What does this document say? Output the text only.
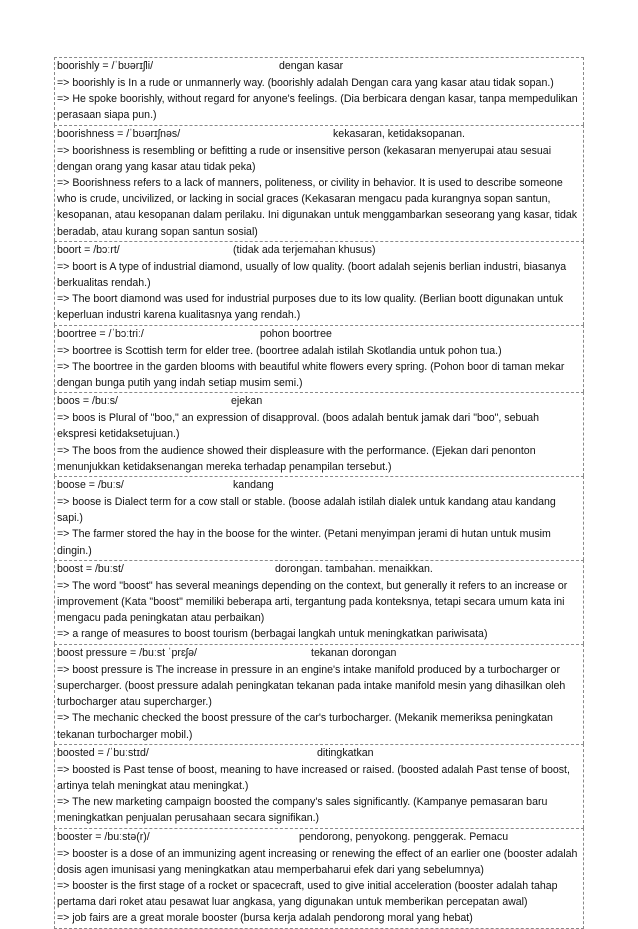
boorishly = /ˈbʊərɪʃli/	dengan kasar

=> boorishly is In a rude or unmannerly way. (boorishly adalah Dengan cara yang kasar atau tidak sopan.)

=> He spoke boorishly, without regard for anyone's feelings. (Dia berbicara dengan kasar, tanpa mempedulikan perasaan siapa pun.)

boorishness = /ˈbʊərɪʃnəs/	kekasaran, ketidaksopanan.

=> boorishness is resembling or befitting a rude or insensitive person (kekasaran menyerupai atau sesuai dengan orang yang kasar atau tidak peka)

=> Boorishness refers to a lack of manners, politeness, or civility in behavior. It is used to describe someone who is crude, uncivilized, or lacking in social graces (Kekasaran mengacu pada kurangnya sopan santun, kesopanan, atau kesopanan dalam perilaku. Ini digunakan untuk menggambarkan seseorang yang kasar, tidak beradab, atau kurang sopan santun sosial)

boort = /bɔːrt/	(tidak ada terjemahan khusus)

=> boort is A type of industrial diamond, usually of low quality. (boort adalah sejenis berlian industri, biasanya berkualitas rendah.)

=> The boort diamond was used for industrial purposes due to its low quality. (Berlian boott digunakan untuk keperluan industri karena kualitasnya yang rendah.)

boortree = /ˈbɔːtriː/	pohon boortree

=> boortree is Scottish term for elder tree. (boortree adalah istilah Skotlandia untuk pohon tua.)

=> The boortree in the garden blooms with beautiful white flowers every spring. (Pohon boor di taman mekar dengan bunga putih yang indah setiap musim semi.)

boos = /buːs/	ejekan

=> boos is Plural of "boo," an expression of disapproval. (boos adalah bentuk jamak dari "boo", sebuah ekspresi ketidaksetujuan.)

=> The boos from the audience showed their displeasure with the performance. (Ejekan dari penonton menunjukkan ketidaksenangan mereka terhadap penampilan tersebut.)

boose = /buːs/	kandang

=> boose is Dialect term for a cow stall or stable. (boose adalah istilah dialek untuk kandang atau kandang sapi.)

=> The farmer stored the hay in the boose for the winter. (Petani menyimpan jerami di hutan untuk musim dingin.)

boost = /buːst/	dorongan. tambahan. menaikkan.

=> The word "boost" has several meanings depending on the context, but generally it refers to an increase or improvement (Kata "boost" memiliki beberapa arti, tergantung pada konteksnya, tetapi secara umum kata ini mengacu pada peningkatan atau perbaikan)

=> a range of measures to boost tourism (berbagai langkah untuk meningkatkan pariwisata)

boost pressure = /buːst ˈprɛʃə/	tekanan dorongan

=> boost pressure is The increase in pressure in an engine's intake manifold produced by a turbocharger or supercharger. (boost pressure adalah peningkatan tekanan pada intake manifold mesin yang dihasilkan oleh turbocharger atau supercharger.)

=> The mechanic checked the boost pressure of the car's turbocharger. (Mekanik memeriksa peningkatan tekanan turbocharger mobil.)

boosted = /ˈbuːstɪd/	ditingkatkan

=> boosted is Past tense of boost, meaning to have increased or raised. (boosted adalah Past tense of boost, artinya telah meningkat atau meningkat.)

=> The new marketing campaign boosted the company's sales significantly. (Kampanye pemasaran baru meningkatkan penjualan perusahaan secara signifikan.)

booster = /buːstə(r)/	pendorong, penyokong. penggerak. Pemacu

=> booster is a dose of an immunizing agent increasing or renewing the effect of an earlier one (booster adalah dosis agen imunisasi yang meningkatkan atau memperbaharui efek dari yang sebelumnya)

=> booster is the first stage of a rocket or spacecraft, used to give initial acceleration (booster adalah tahap pertama dari roket atau pesawat luar angkasa, yang digunakan untuk memberikan percepatan awal)

=> job fairs are a great morale booster (bursa kerja adalah pendorong moral yang hebat)
